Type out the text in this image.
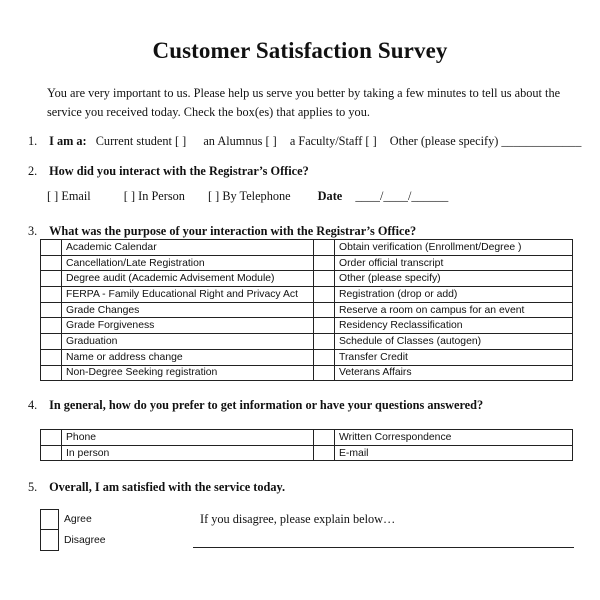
Customer Satisfaction Survey
You are very important to us. Please help us serve you better by taking a few minutes to tell us about the service you received today. Check the box(es) that applies to you.
1. I am a: Current student [ ] an Alumnus [ ] a Faculty/Staff [ ] Other (please specify) _____________
2. How did you interact with the Registrar’s Office?
[ ] Email	[ ] In Person [ ] By Telephone Date ____/____/______
3. What was the purpose of your interaction with the Registrar’s Office?
	Academic Calendar		Obtain verification (Enrollment/Degree )
	Cancellation/Late Registration		Order official transcript
	Degree audit (Academic Advisement Module)		Other (please specify)
	FERPA - Family Educational Right and Privacy Act		Registration (drop or add)
	Grade Changes		Reserve a room on campus for an event
	Grade Forgiveness		Residency Reclassification
	Graduation		Schedule of Classes (autogen)
	Name or address change		Transfer Credit
	Non-Degree Seeking registration		Veterans Affairs
4. In general, how do you prefer to get information or have your questions answered?
	Phone		Written Correspondence
	In person		E-mail
5. Overall, I am satisfied with the service today.
Agree
Disagree
If you disagree, please explain below…
